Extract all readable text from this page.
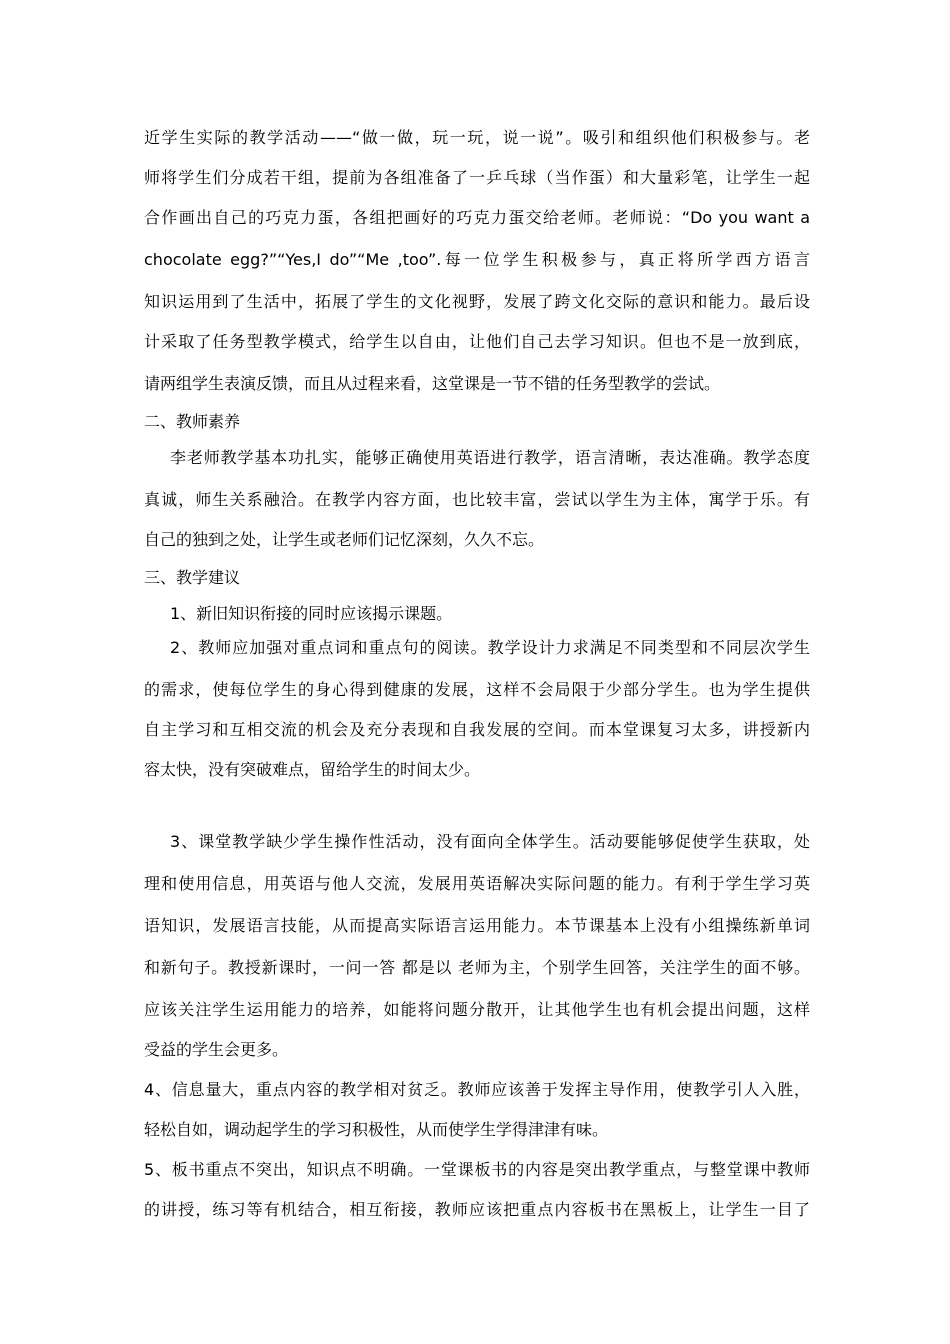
近学生实际的教学活动——“做一做，玩一玩，说一说”。吸引和组织他们积极参与。老
师将学生们分成若干组，提前为各组准备了一乒乓球（当作蛋）和大量彩笔，让学生一起
合作画出自己的巧克力蛋，各组把画好的巧克力蛋交给老师。老师说：“Do you want a
chocolate egg?”“Yes,I do”“Me ,too”.每一位学生积极参与，真正将所学西方语言
知识运用到了生活中，拓展了学生的文化视野，发展了跨文化交际的意识和能力。最后设
计采取了任务型教学模式，给学生以自由，让他们自己去学习知识。但也不是一放到底，
请两组学生表演反馈，而且从过程来看，这堂课是一节不错的任务型教学的尝试。
二、教师素养
李老师教学基本功扎实，能够正确使用英语进行教学，语言清晰，表达准确。教学态度
真诚，师生关系融洽。在教学内容方面，也比较丰富，尝试以学生为主体，寓学于乐。有
自己的独到之处，让学生或老师们记忆深刻，久久不忘。
三、教学建议
1、新旧知识衔接的同时应该揭示课题。
2、教师应加强对重点词和重点句的阅读。教学设计力求满足不同类型和不同层次学生
的需求，使每位学生的身心得到健康的发展，这样不会局限于少部分学生。也为学生提供
自主学习和互相交流的机会及充分表现和自我发展的空间。而本堂课复习太多，讲授新内
容太快，没有突破难点，留给学生的时间太少。
3、课堂教学缺少学生操作性活动，没有面向全体学生。活动要能够促使学生获取，处
理和使用信息，用英语与他人交流，发展用英语解决实际问题的能力。有利于学生学习英
语知识，发展语言技能，从而提高实际语言运用能力。本节课基本上没有小组操练新单词
和新句子。教授新课时，一问一答 都是以 老师为主，个别学生回答，关注学生的面不够。
应该关注学生运用能力的培养，如能将问题分散开，让其他学生也有机会提出问题，这样
受益的学生会更多。
4、信息量大，重点内容的教学相对贫乏。教师应该善于发挥主导作用，使教学引人入胜，
轻松自如，调动起学生的学习积极性，从而使学生学得津津有味。
5、板书重点不突出，知识点不明确。一堂课板书的内容是突出教学重点，与整堂课中教师
的讲授，练习等有机结合，相互衔接，教师应该把重点内容板书在黑板上，让学生一目了
